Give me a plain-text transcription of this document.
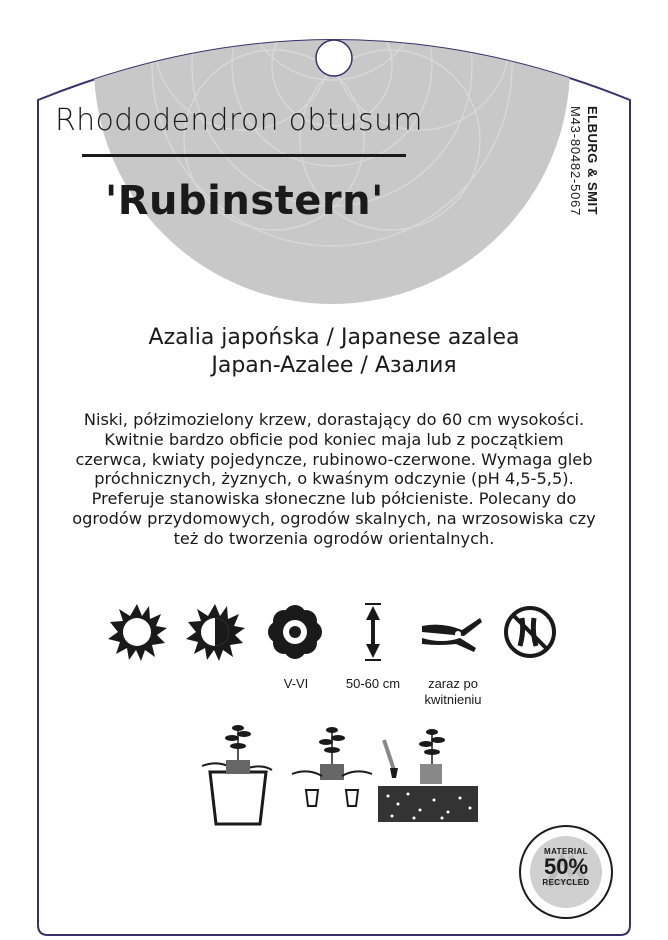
Rhododendron obtusum

'Rubinstern'	ELBURG & SMIT
M43-80482-5067
Azalia japońska / Japanese azalea
Japan-Azalee / Азалия

Niski, półzimozielony krzew, dorastający do 60 cm wysokości. Kwitnie bardzo obficie pod koniec maja lub z początkiem czerwca, kwiaty pojedyncze, rubinowo-czerwone. Wymaga gleb próchnicznych, żyznych, o kwaśnym odczynie (pH 4,5-5,5). Preferuje stanowiska słoneczne lub półcieniste. Polecany do ogrodów przydomowych, ogrodów skalnych, na wrzosowiska czy też do tworzenia ogrodów orientalnych.

V-VI	50-60 cm	zaraz po
kwitnieniu
MATERIAL
50%
RECYCLED
